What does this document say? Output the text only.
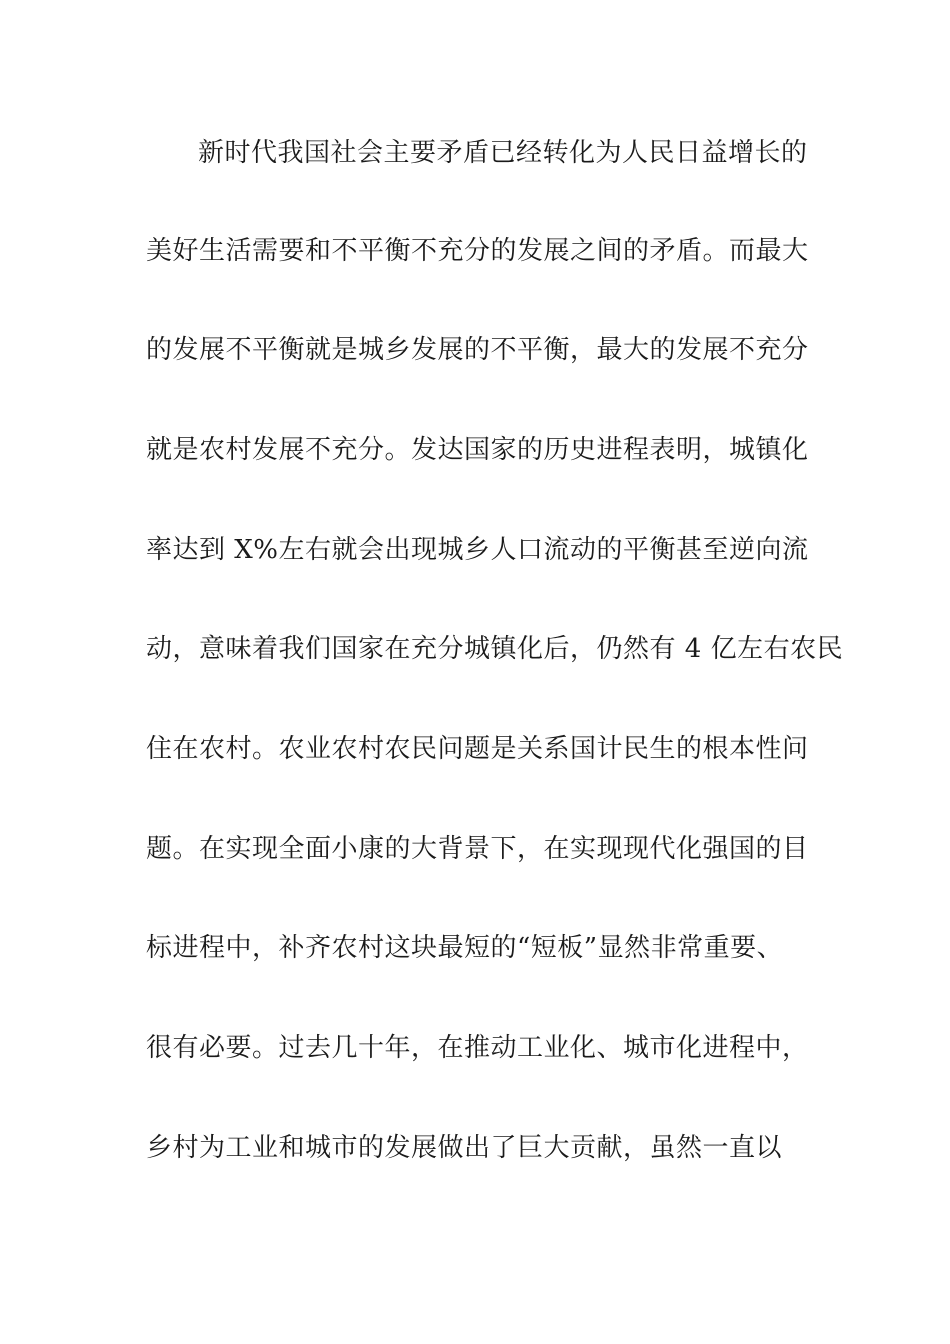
新时代我国社会主要矛盾已经转化为人民日益增长的
美好生活需要和不平衡不充分的发展之间的矛盾。而最大
的发展不平衡就是城乡发展的不平衡，最大的发展不充分
就是农村发展不充分。发达国家的历史进程表明，城镇化
率达到 X%左右就会出现城乡人口流动的平衡甚至逆向流
动，意味着我们国家在充分城镇化后，仍然有 4 亿左右农民
住在农村。农业农村农民问题是关系国计民生的根本性问
题。在实现全面小康的大背景下，在实现现代化强国的目
标进程中，补齐农村这块最短的“短板”显然非常重要、
很有必要。过去几十年，在推动工业化、城市化进程中，
乡村为工业和城市的发展做出了巨大贡献，虽然一直以
